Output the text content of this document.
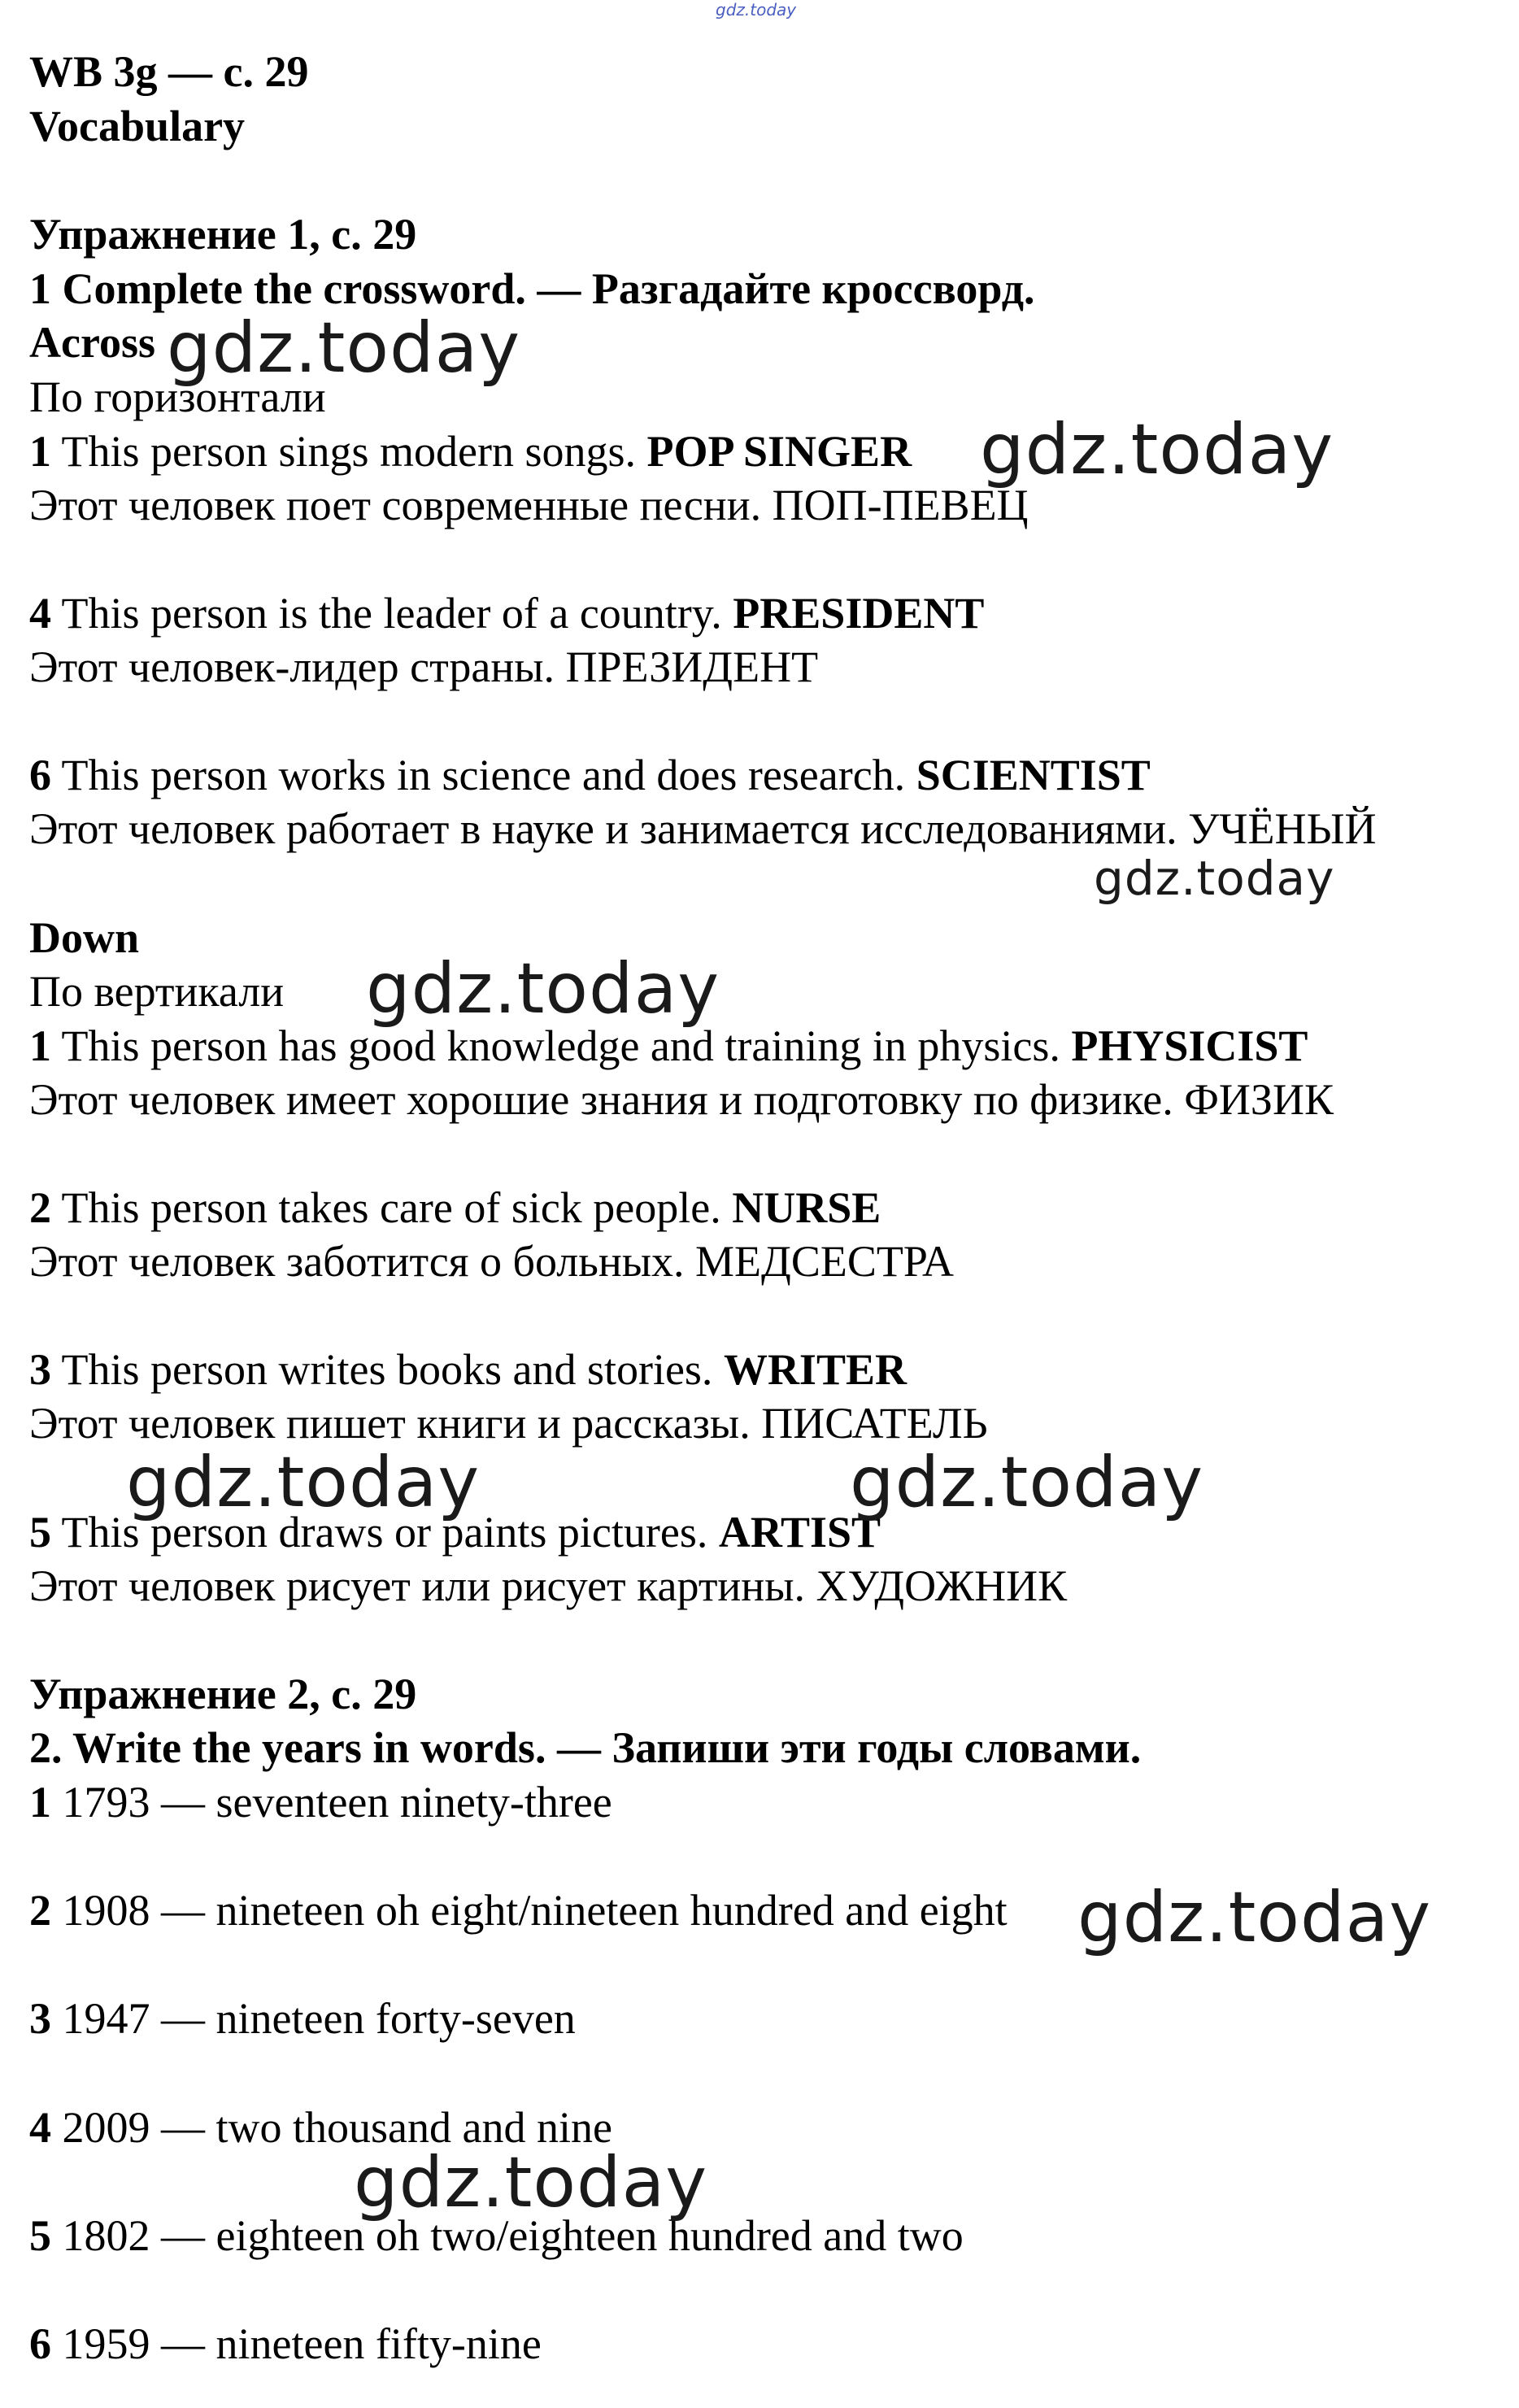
gdz.today

WB 3g — c. 29

Vocabulary

Упражнение 1, с. 29

1 Complete the crossword. — Разгадайте кроссворд.

Across

По горизонтали

1 This person sings modern songs. POP SINGER

Этот человек поет современные песни. ПОП-ПЕВЕЦ

4 This person is the leader of a country. PRESIDENT

Этот человек-лидер страны. ПРЕЗИДЕНТ

6 This person works in science and does research. SCIENTIST

Этот человек работает в науке и занимается исследованиями. УЧЁНЫЙ

Down

По вертикали

1 This person has good knowledge and training in physics. PHYSICIST

Этот человек имеет хорошие знания и подготовку по физике. ФИЗИК

2 This person takes care of sick people. NURSE

Этот человек заботится о больных. МЕДСЕСТРА

3 This person writes books and stories. WRITER

Этот человек пишет книги и рассказы. ПИСАТЕЛЬ

5 This person draws or paints pictures. ARTIST

Этот человек рисует или рисует картины. ХУДОЖНИК

Упражнение 2, с. 29

2. Write the years in words. — Запиши эти годы словами.

1 1793 — seventeen ninety-three

2 1908 — nineteen oh eight/nineteen hundred and eight

3 1947 — nineteen forty-seven

4 2009 — two thousand and nine

5 1802 — eighteen oh two/eighteen hundred and two

6 1959 — nineteen fifty-nine

gdz.today
gdz.today
gdz.today
gdz.today
gdz.today	gdz.today
gdz.today
gdz.today
